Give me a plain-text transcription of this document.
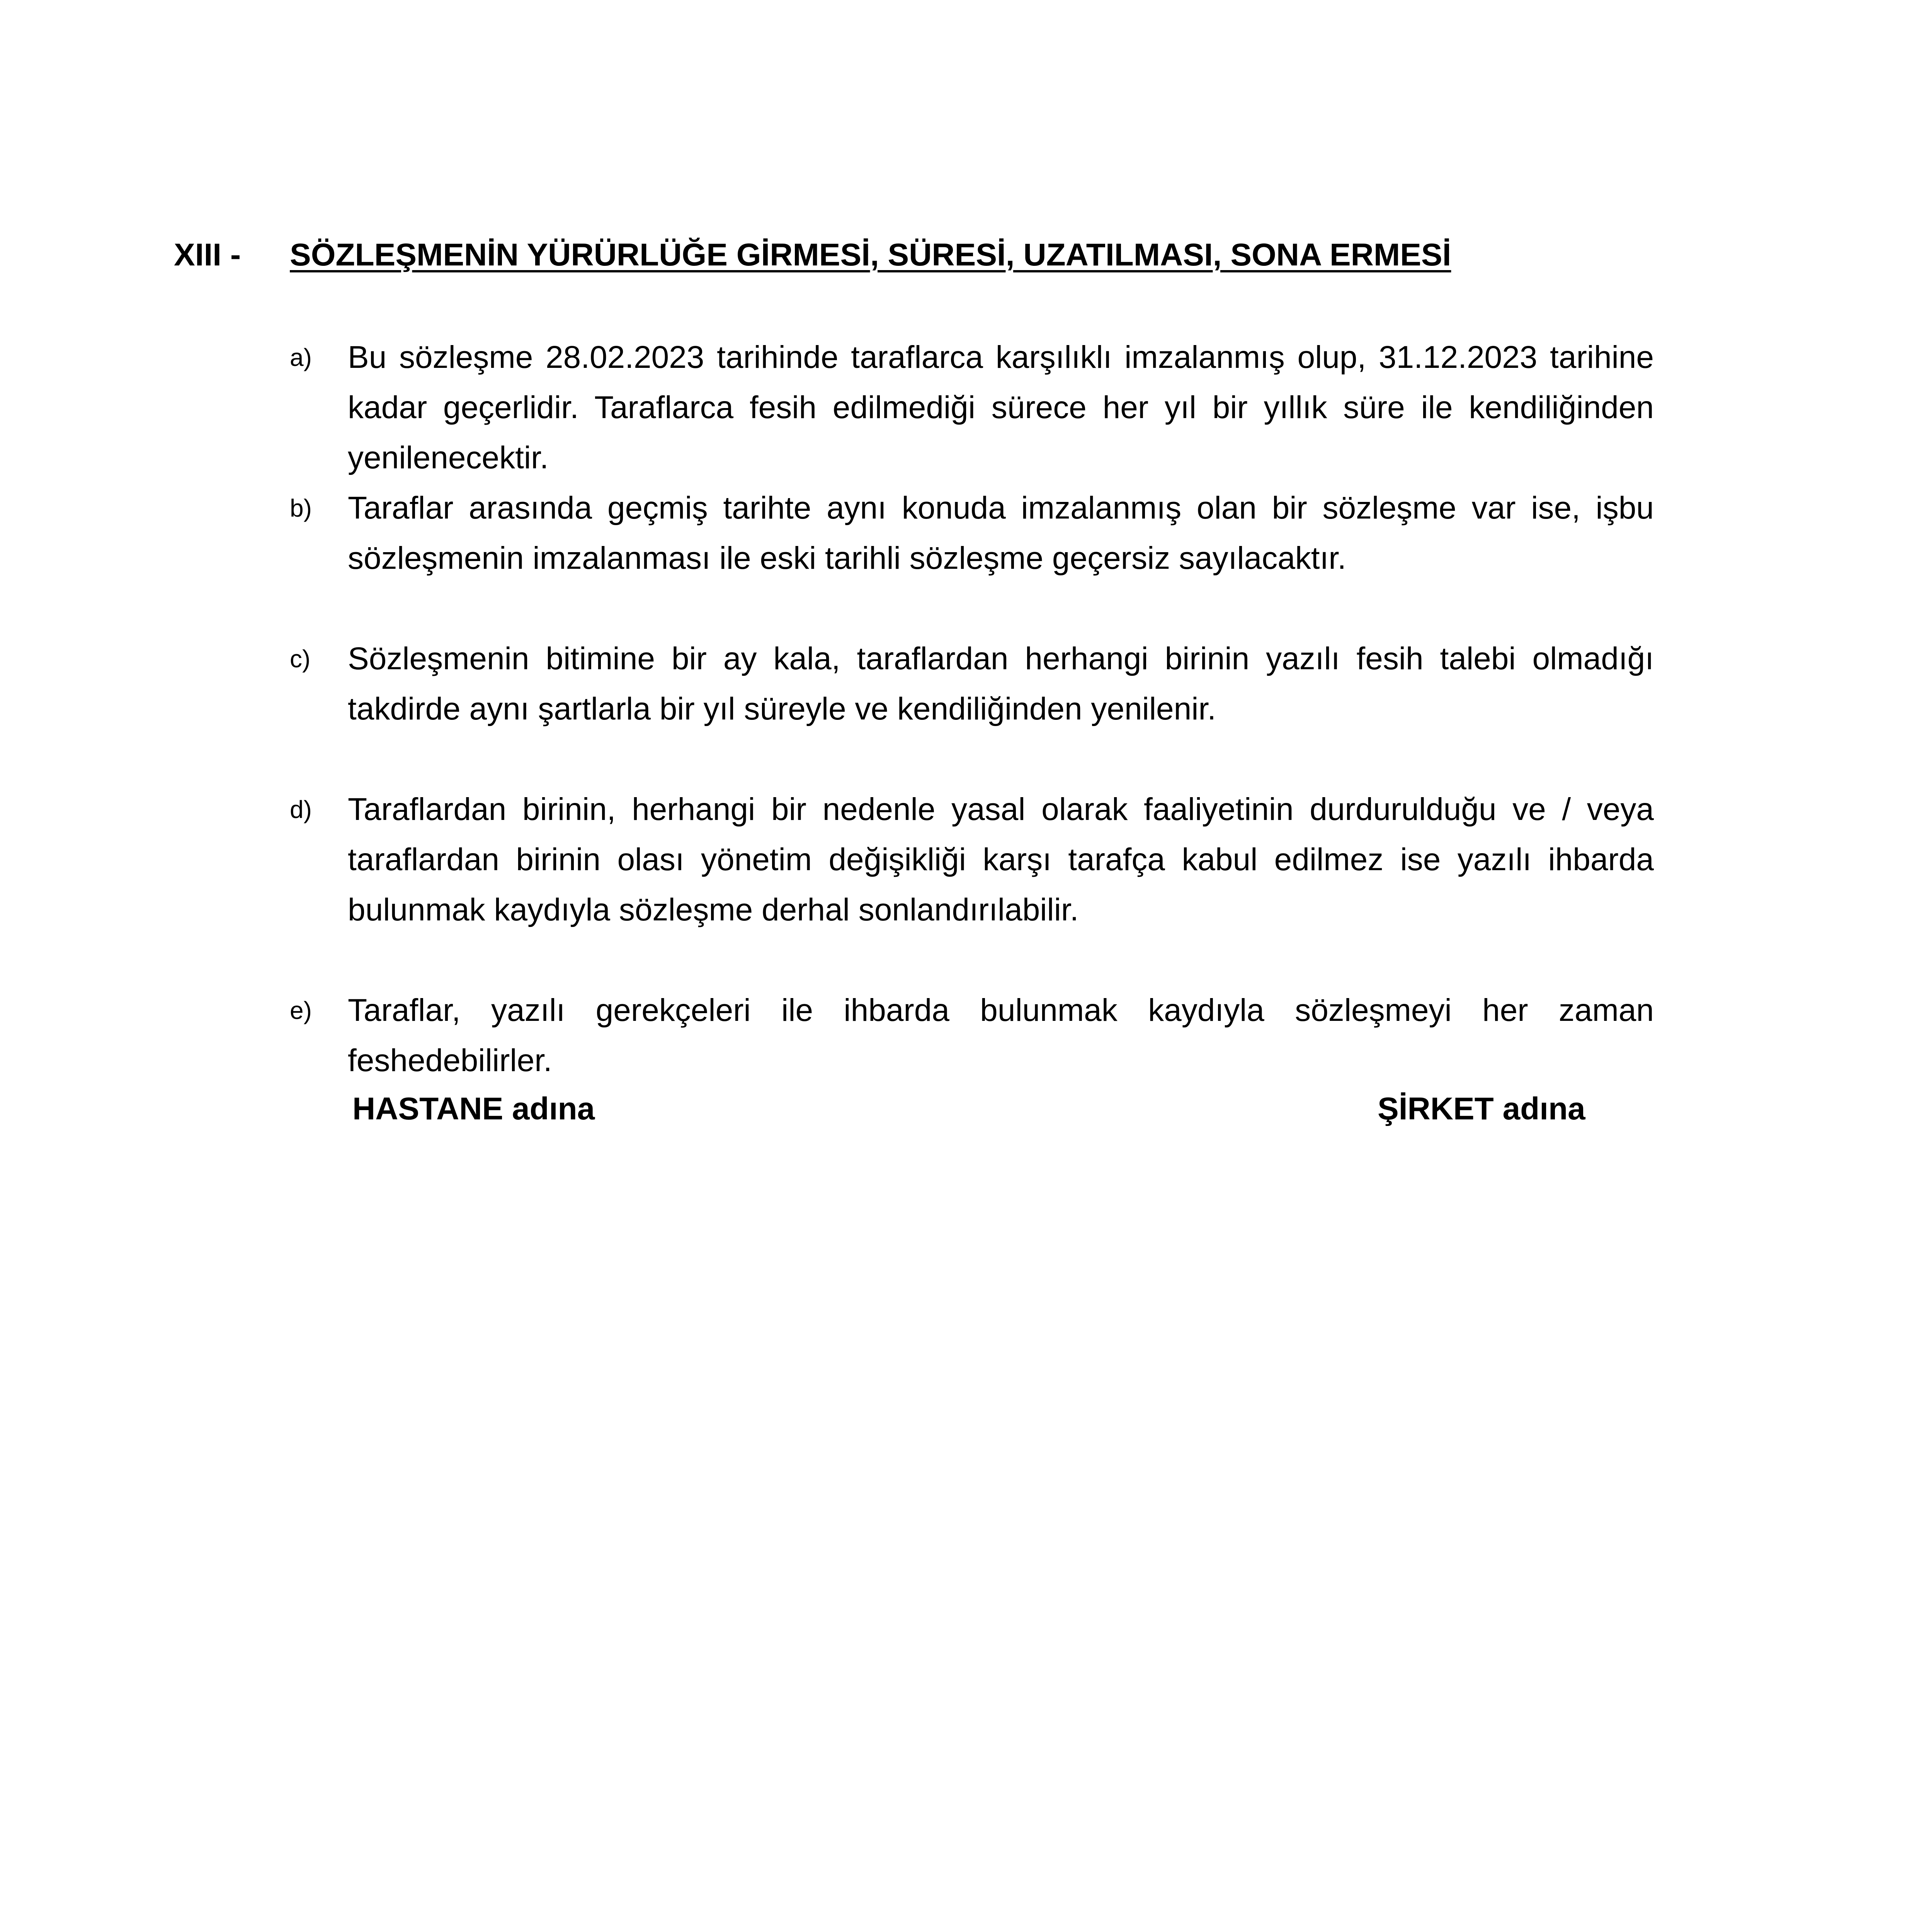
XIII - SÖZLEŞMENİN YÜRÜRLÜĞE GİRMESİ, SÜRESİ, UZATILMASI, SONA ERMESİ
a) Bu sözleşme 28.02.2023 tarihinde taraflarca karşılıklı imzalanmış olup, 31.12.2023 tarihine kadar geçerlidir. Taraflarca fesih edilmediği sürece her yıl bir yıllık süre ile kendiliğinden yenilenecektir.
b) Taraflar arasında geçmiş tarihte aynı konuda imzalanmış olan bir sözleşme var ise, işbu sözleşmenin imzalanması ile eski tarihli sözleşme geçersiz sayılacaktır.
c) Sözleşmenin bitimine bir ay kala, taraflardan herhangi birinin yazılı fesih talebi olmadığı takdirde aynı şartlarla bir yıl süreyle ve kendiliğinden yenilenir.
d) Taraflardan birinin, herhangi bir nedenle yasal olarak faaliyetinin durdurulduğu ve / veya taraflardan birinin olası yönetim değişikliği karşı tarafça kabul edilmez ise yazılı ihbarda bulunmak kaydıyla sözleşme derhal sonlandırılabilir.
e) Taraflar, yazılı gerekçeleri ile ihbarda bulunmak kaydıyla sözleşmeyi her zaman feshedebilirler.
HASTANE adına	ŞİRKET adına
